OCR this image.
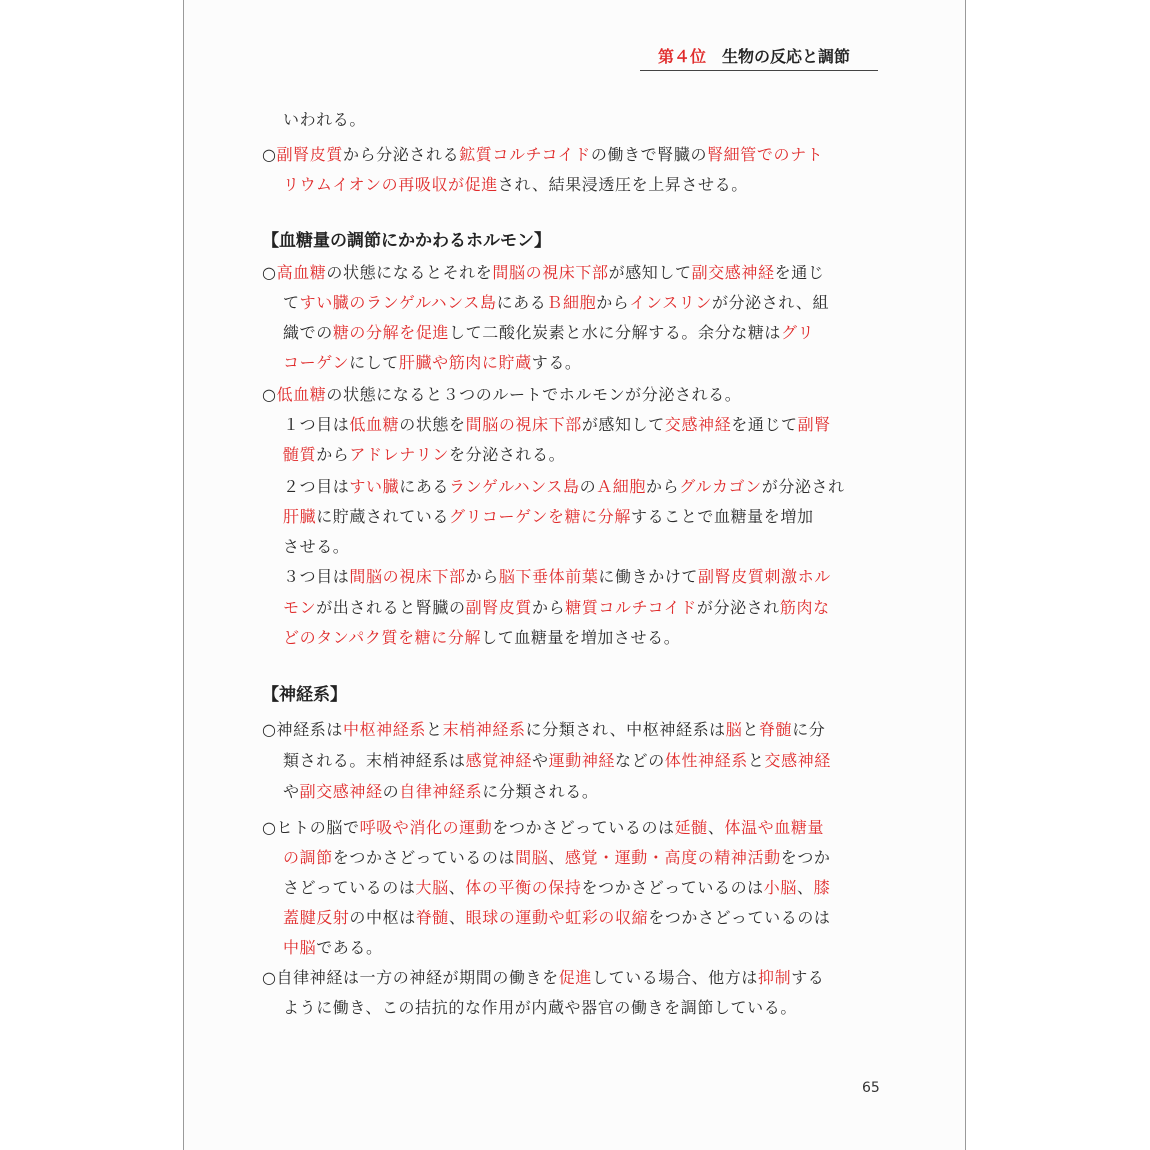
第４位 生物の反応と調節
【血糖量の調節にかかわるホルモン】
【神経系】
いわれる。
○副腎皮質から分泌される鉱質コルチコイドの働きで腎臓の腎細管でのナト
リウムイオンの再吸収が促進され、結果浸透圧を上昇させる。
○高血糖の状態になるとそれを間脳の視床下部が感知して副交感神経を通じ
てすい臓のランゲルハンス島にあるＢ細胞からインスリンが分泌され、組
織での糖の分解を促進して二酸化炭素と水に分解する。余分な糖はグリ
コーゲンにして肝臓や筋肉に貯蔵する。
○低血糖の状態になると３つのルートでホルモンが分泌される。
１つ目は低血糖の状態を間脳の視床下部が感知して交感神経を通じて副腎
髄質からアドレナリンを分泌される。
２つ目はすい臓にあるランゲルハンス島のＡ細胞からグルカゴンが分泌され
肝臓に貯蔵されているグリコーゲンを糖に分解することで血糖量を増加
させる。
３つ目は間脳の視床下部から脳下垂体前葉に働きかけて副腎皮質刺激ホル
モンが出されると腎臓の副腎皮質から糖質コルチコイドが分泌され筋肉な
どのタンパク質を糖に分解して血糖量を増加させる。
○神経系は中枢神経系と末梢神経系に分類され、中枢神経系は脳と脊髄に分
類される。末梢神経系は感覚神経や運動神経などの体性神経系と交感神経
や副交感神経の自律神経系に分類される。
○ヒトの脳で呼吸や消化の運動をつかさどっているのは延髄、体温や血糖量
の調節をつかさどっているのは間脳、感覚・運動・高度の精神活動をつか
さどっているのは大脳、体の平衡の保持をつかさどっているのは小脳、膝
蓋腱反射の中枢は脊髄、眼球の運動や虹彩の収縮をつかさどっているのは
中脳である。
○自律神経は一方の神経が期間の働きを促進している場合、他方は抑制する
ように働き、この拮抗的な作用が内蔵や器官の働きを調節している。
65
